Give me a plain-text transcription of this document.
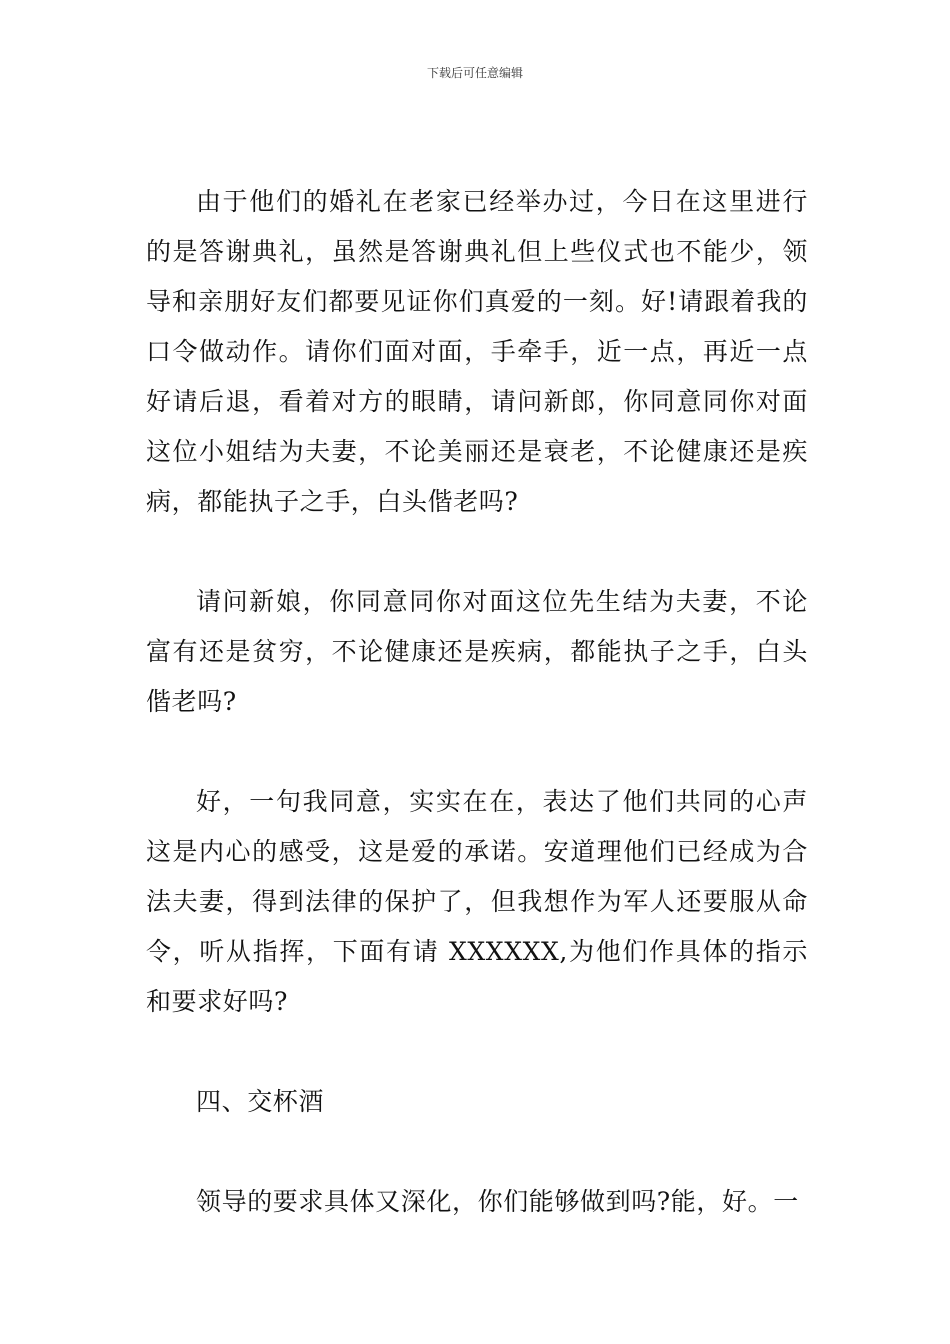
下载后可任意编辑

由于他们的婚礼在老家已经举办过，今日在这里进行的是答谢典礼，虽然是答谢典礼但上些仪式也不能少，领导和亲朋好友们都要见证你们真爱的一刻。好!请跟着我的口令做动作。请你们面对面，手牵手，近一点，再近一点好请后退，看着对方的眼睛，请问新郎，你同意同你对面这位小姐结为夫妻，不论美丽还是衰老，不论健康还是疾病，都能执子之手，白头偕老吗?

请问新娘，你同意同你对面这位先生结为夫妻，不论富有还是贫穷，不论健康还是疾病，都能执子之手，白头偕老吗?

好，一句我同意，实实在在，表达了他们共同的心声这是内心的感受，这是爱的承诺。安道理他们已经成为合法夫妻，得到法律的保护了，但我想作为军人还要服从命令，听从指挥，下面有请 XXXXXX,为他们作具体的指示和要求好吗?

四、交杯酒

领导的要求具体又深化，你们能够做到吗?能，好。一
